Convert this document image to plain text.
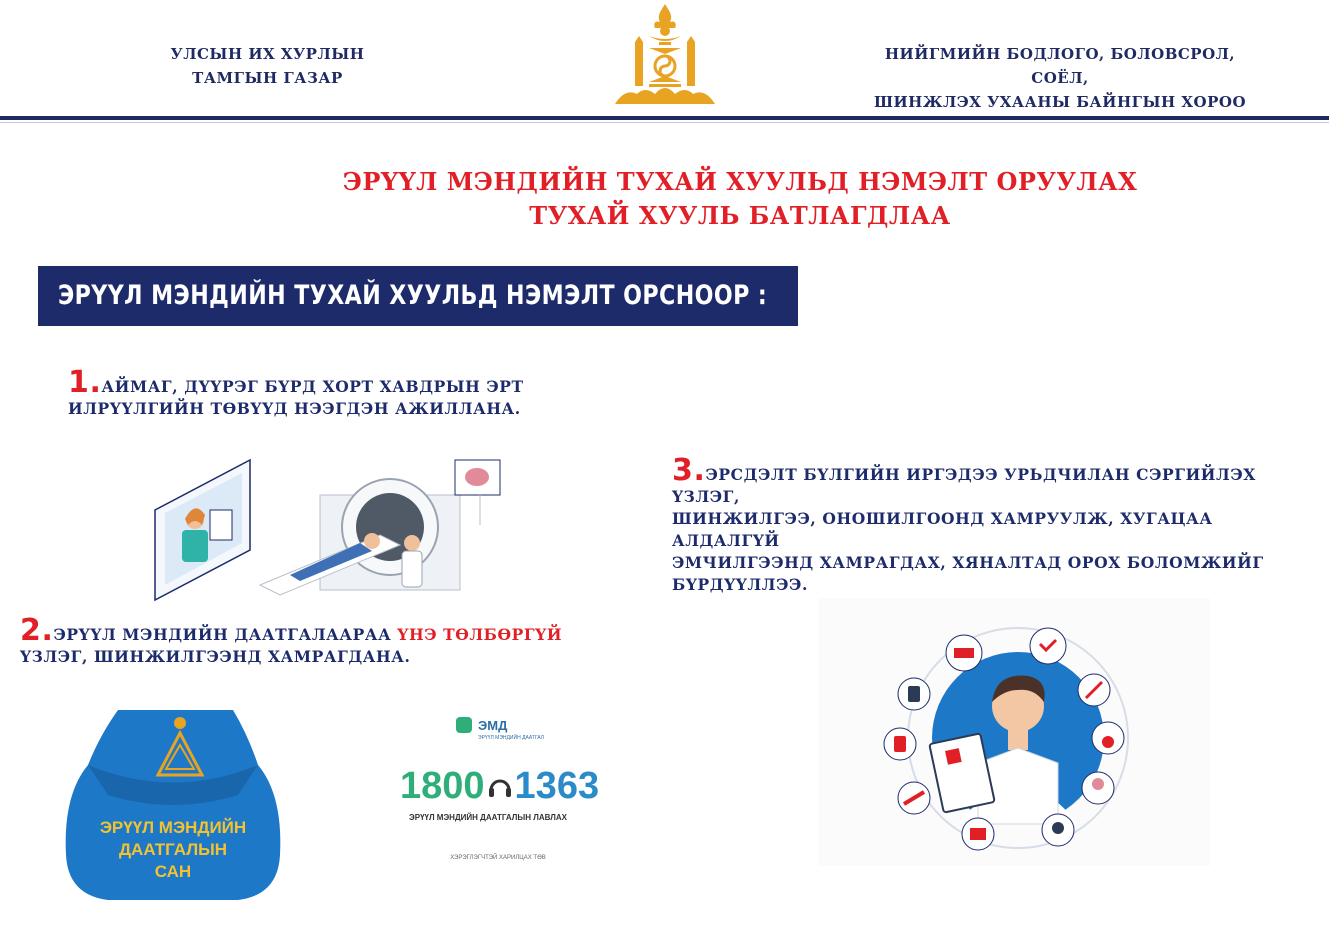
УЛСЫН ИХ ХУРЛЫН
ТАМГЫН ГАЗАР
НИЙГМИЙН БОДЛОГО, БОЛОВСРОЛ, СОЁЛ,
ШИНЖЛЭХ УХААНЫ БАЙНГЫН ХОРОО
ЭРҮҮЛ МЭНДИЙН ТУХАЙ ХУУЛЬД НЭМЭЛТ ОРУУЛАХ
ТУХАЙ ХУУЛЬ БАТЛАГДЛАА
ЭРҮҮЛ МЭНДИЙН ТУХАЙ ХУУЛЬД НЭМЭЛТ ОРСНООР :
1.АЙМАГ, ДҮҮРЭГ БҮРД ХОРТ ХАВДРЫН ЭРТ
ИЛРҮҮЛГИЙН ТӨВҮҮД НЭЭГДЭН АЖИЛЛАНА.
2.ЭРҮҮЛ МЭНДИЙН ДААТГАЛААРАА ҮНЭ ТӨЛБӨРГҮЙ
ҮЗЛЭГ, ШИНЖИЛГЭЭНД ХАМРАГДАНА.
ЭРҮҮЛ МЭНДИЙН
ДААТГАЛЫН
САН
ЭМД
ЭРҮҮЛ МЭНДИЙН ДААТГАЛ
1800 1363
ЭРҮҮЛ МЭНДИЙН ДААТГАЛЫН ЛАВЛАХ
ХЭРЭГЛЭГЧТЭЙ ХАРИЛЦАХ ТӨВ
3.ЭРСДЭЛТ БҮЛГИЙН ИРГЭДЭЭ УРЬДЧИЛАН СЭРГИЙЛЭХ ҮЗЛЭГ,
ШИНЖИЛГЭЭ, ОНОШИЛГООНД ХАМРУУЛЖ, ХУГАЦАА АЛДАЛГҮЙ
ЭМЧИЛГЭЭНД ХАМРАГДАХ, ХЯНАЛТАД ОРОХ БОЛОМЖИЙГ
БҮРДҮҮЛЛЭЭ.
